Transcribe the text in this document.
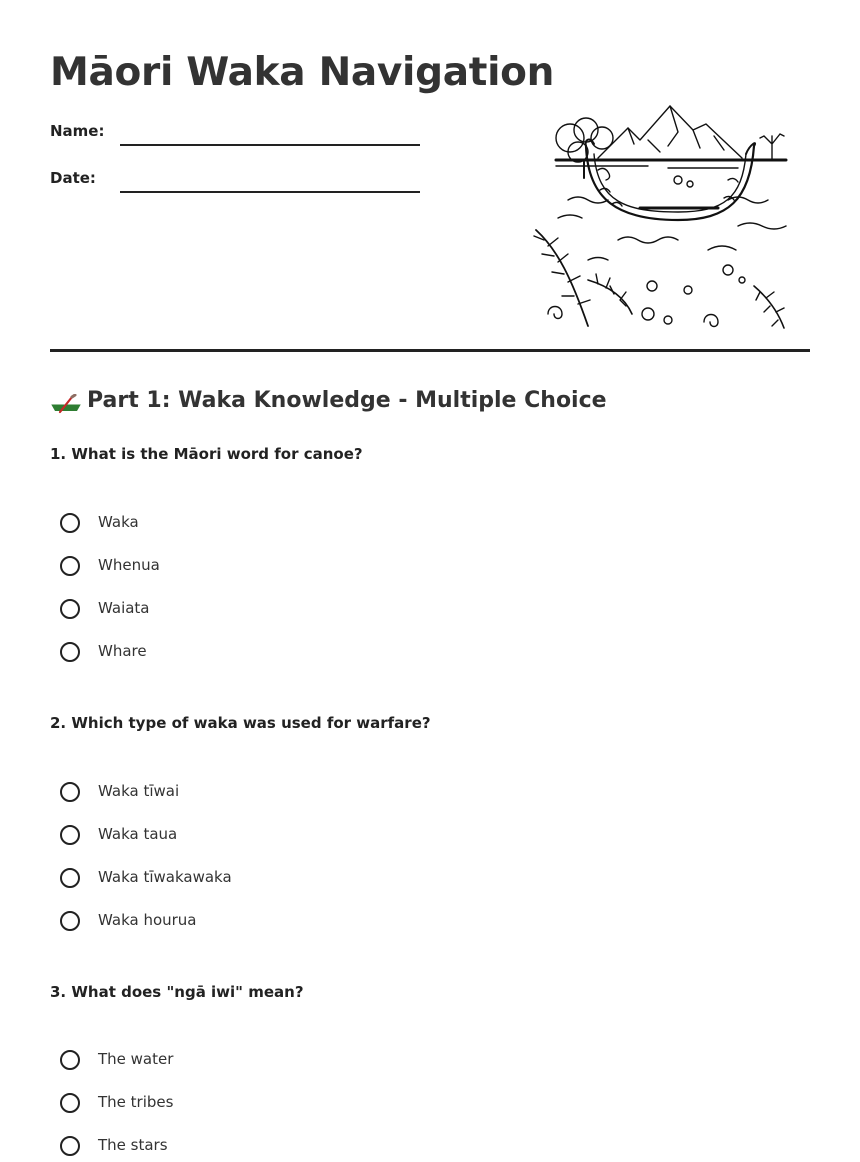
Māori Waka Navigation
Name:
Date:
Part 1: Waka Knowledge - Multiple Choice
1. What is the Māori word for canoe?
Waka
Whenua
Waiata
Whare
2. Which type of waka was used for warfare?
Waka tīwai
Waka taua
Waka tīwakawaka
Waka hourua
3. What does "ngā iwi" mean?
The water
The tribes
The stars
